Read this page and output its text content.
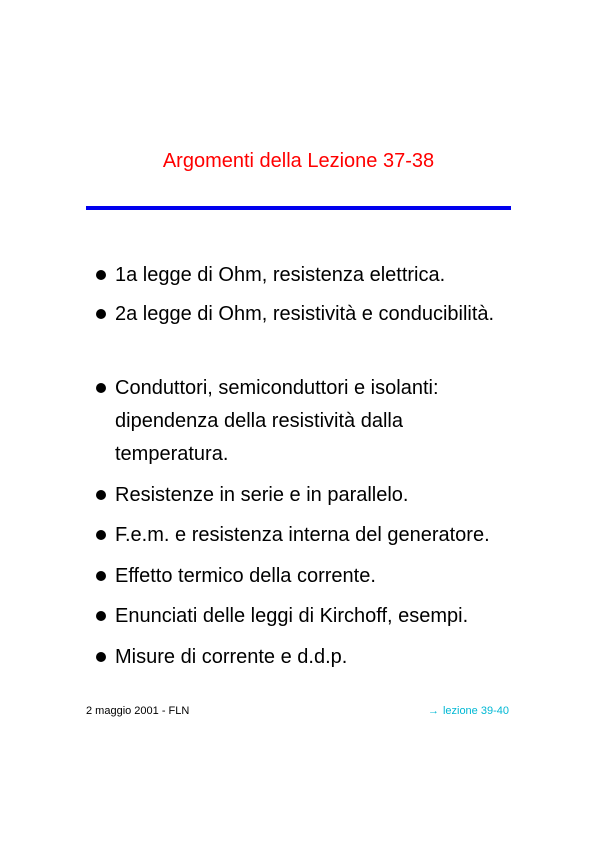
Argomenti della Lezione 37-38
1a legge di Ohm, resistenza elettrica.
2a legge di Ohm, resistività e conducibilità.
Conduttori, semiconduttori e isolanti: dipendenza della resistività dalla temperatura.
Resistenze in serie e in parallelo.
F.e.m. e resistenza interna del generatore.
Effetto termico della corrente.
Enunciati delle leggi di Kirchoff, esempi.
Misure di corrente e d.d.p.
2 maggio 2001 - FLN	→ lezione 39-40
